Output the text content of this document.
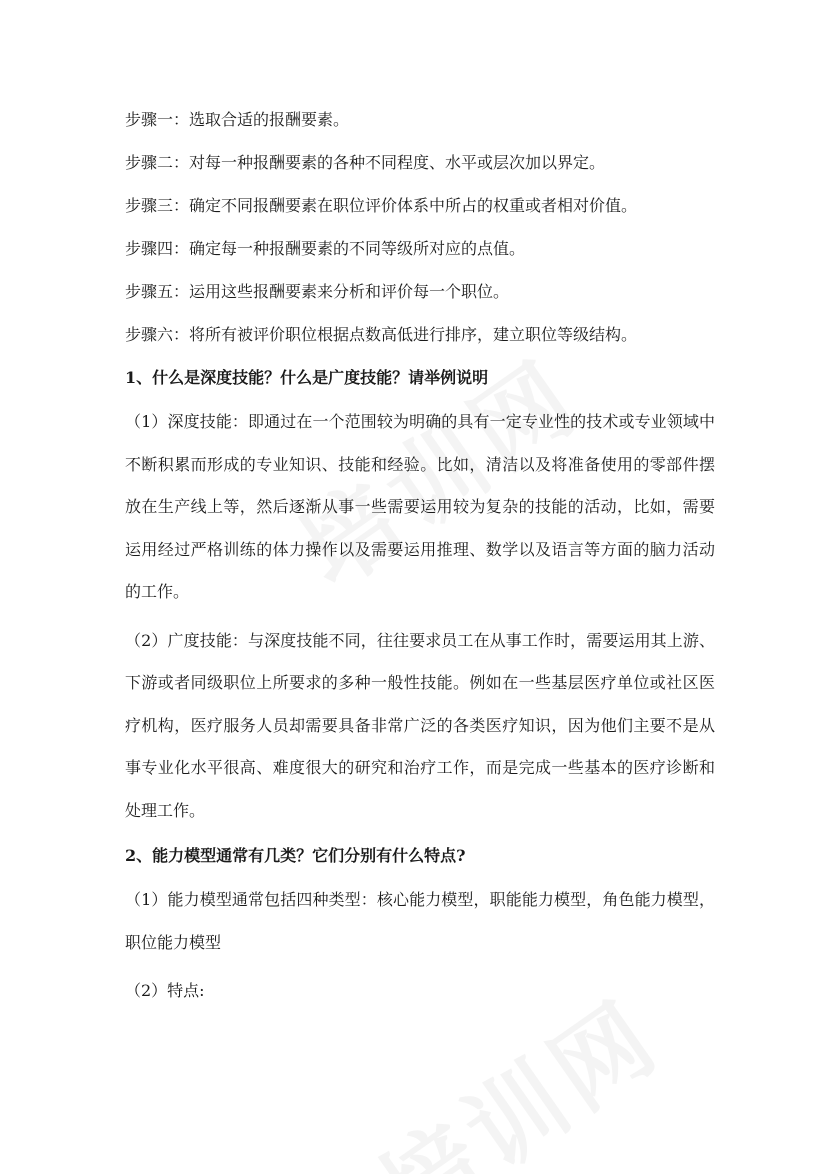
步骤一：选取合适的报酬要素。

步骤二：对每一种报酬要素的各种不同程度、水平或层次加以界定。

步骤三：确定不同报酬要素在职位评价体系中所占的权重或者相对价值。

步骤四：确定每一种报酬要素的不同等级所对应的点值。

步骤五：运用这些报酬要素来分析和评价每一个职位。

步骤六：将所有被评价职位根据点数高低进行排序，建立职位等级结构。

1、什么是深度技能？什么是广度技能？请举例说明

（1）深度技能：即通过在一个范围较为明确的具有一定专业性的技术或专业领域中不断积累而形成的专业知识、技能和经验。比如，清洁以及将准备使用的零部件摆放在生产线上等，然后逐渐从事一些需要运用较为复杂的技能的活动，比如，需要运用经过严格训练的体力操作以及需要运用推理、数学以及语言等方面的脑力活动的工作。

（2）广度技能：与深度技能不同，往往要求员工在从事工作时，需要运用其上游、下游或者同级职位上所要求的多种一般性技能。例如在一些基层医疗单位或社区医疗机构，医疗服务人员却需要具备非常广泛的各类医疗知识，因为他们主要不是从事专业化水平很高、难度很大的研究和治疗工作，而是完成一些基本的医疗诊断和处理工作。

2、能力模型通常有几类？它们分别有什么特点?

（1）能力模型通常包括四种类型：核心能力模型，职能能力模型，角色能力模型，职位能力模型

（2）特点:
